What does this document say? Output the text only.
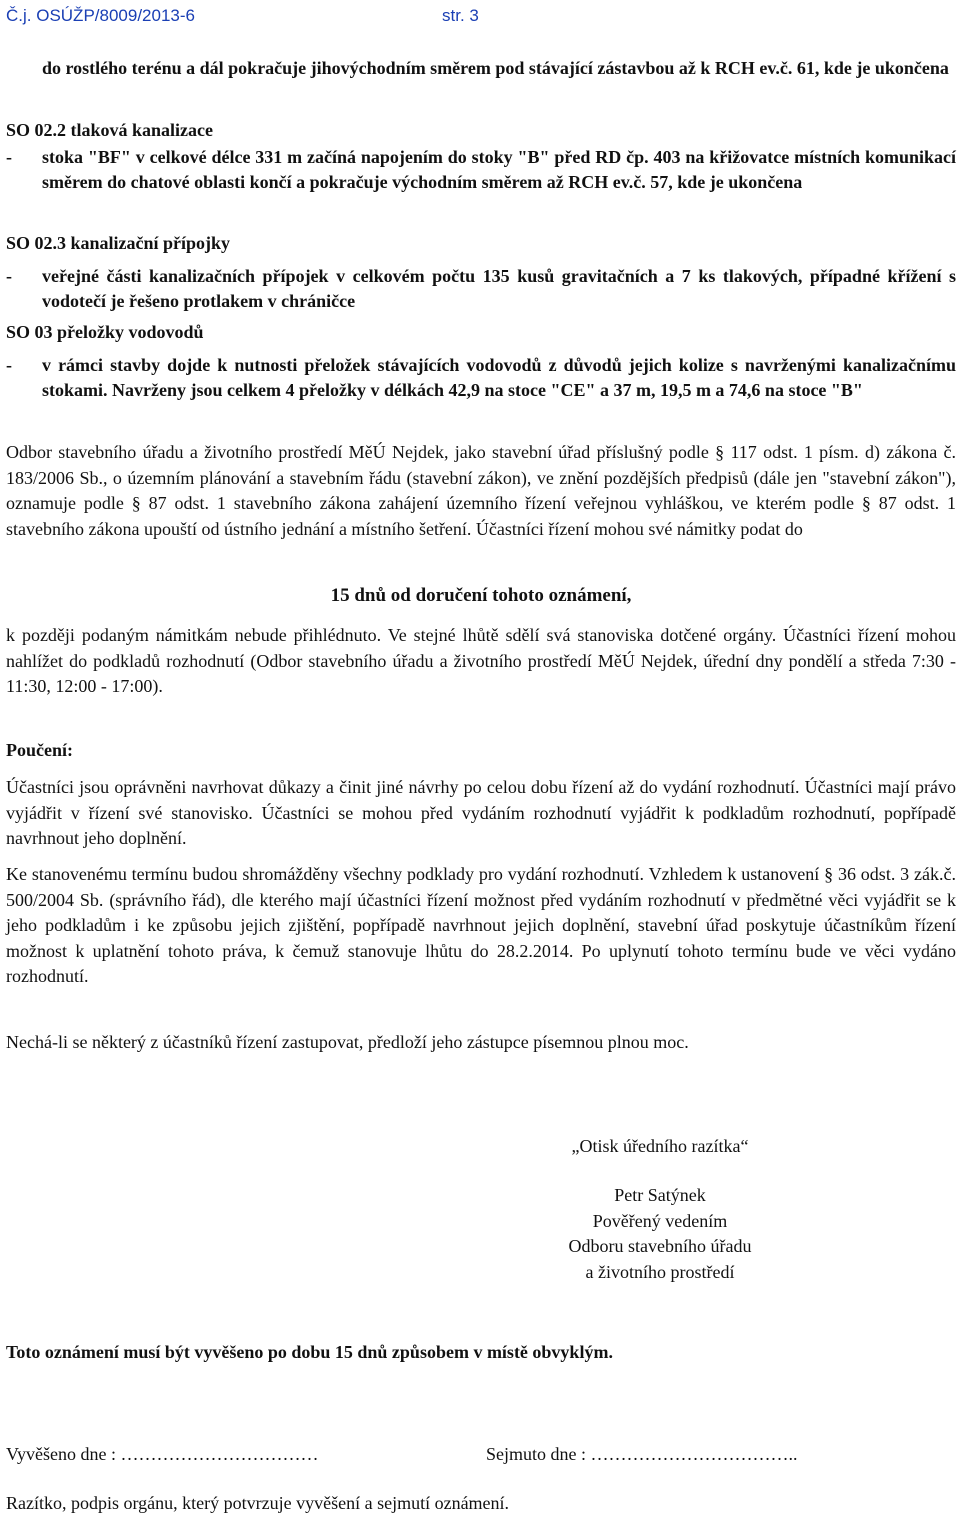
Č.j. OSÚŽP/8009/2013-6	str. 3
do rostlého terénu a dál pokračuje jihovýchodním směrem pod stávající zástavbou až k RCH ev.č. 61, kde je ukončena

SO 02.2 tlaková kanalizace

-	stoka "BF" v celkové délce 331 m začíná napojením do stoky "B" před RD čp. 403 na křižovatce místních komunikací směrem do chatové oblasti končí a pokračuje východním směrem až RCH ev.č. 57, kde je ukončena

SO 02.3 kanalizační přípojky

-	veřejné části kanalizačních přípojek v celkovém počtu 135 kusů gravitačních a 7 ks tlakových, případné křížení s vodotečí je řešeno protlakem v chráničce

SO 03 přeložky vodovodů

-	v rámci stavby dojde k nutnosti přeložek stávajících vodovodů z důvodů jejich kolize s navrženými kanalizačnímu stokami. Navrženy jsou celkem 4 přeložky v délkách 42,9 na stoce "CE" a 37 m, 19,5 m a 74,6 na stoce "B"

Odbor stavebního úřadu a životního prostředí MěÚ Nejdek, jako stavební úřad příslušný podle § 117 odst. 1 písm. d) zákona č. 183/2006 Sb., o územním plánování a stavebním řádu (stavební zákon), ve znění pozdějších předpisů (dále jen "stavební zákon"), oznamuje podle § 87 odst. 1 stavebního zákona zahájení územního řízení veřejnou vyhláškou, ve kterém podle § 87 odst. 1 stavebního zákona upouští od ústního jednání a místního šetření. Účastníci řízení mohou své námitky podat do

15 dnů od doručení tohoto oznámení,

k později podaným námitkám nebude přihlédnuto. Ve stejné lhůtě sdělí svá stanoviska dotčené orgány. Účastníci řízení mohou nahlížet do podkladů rozhodnutí (Odbor stavebního úřadu a životního prostředí MěÚ Nejdek, úřední dny pondělí a středa 7:30 - 11:30, 12:00 - 17:00).

Poučení:

Účastníci jsou oprávněni navrhovat důkazy a činit jiné návrhy po celou dobu řízení až do vydání rozhodnutí. Účastníci mají právo vyjádřit v řízení své stanovisko. Účastníci se mohou před vydáním rozhodnutí vyjádřit k podkladům rozhodnutí, popřípadě navrhnout jeho doplnění.

Ke stanovenému termínu budou shromážděny všechny podklady pro vydání rozhodnutí. Vzhledem k ustanovení § 36 odst. 3 zák.č. 500/2004 Sb. (správního řád), dle kterého mají účastníci řízení možnost před vydáním rozhodnutí v předmětné věci vyjádřit se k jeho podkladům i ke způsobu jejich zjištění, popřípadě navrhnout jejich doplnění, stavební úřad poskytuje účastníkům řízení možnost k uplatnění tohoto práva, k čemuž stanovuje lhůtu do 28.2.2014. Po uplynutí tohoto termínu bude ve věci vydáno rozhodnutí.

Nechá-li se některý z účastníků řízení zastupovat, předloží jeho zástupce písemnou plnou moc.
„Otisk úředního razítka“

Petr Satýnek

Pověřený vedením

Odboru stavebního úřadu

a životního prostředí

Toto oznámení musí být vyvěšeno po dobu 15 dnů způsobem v místě obvyklým.
Vyvěšeno dne : ……………………………	Sejmuto dne : ……………………………..
Razítko, podpis orgánu, který potvrzuje vyvěšení a sejmutí oznámení.
